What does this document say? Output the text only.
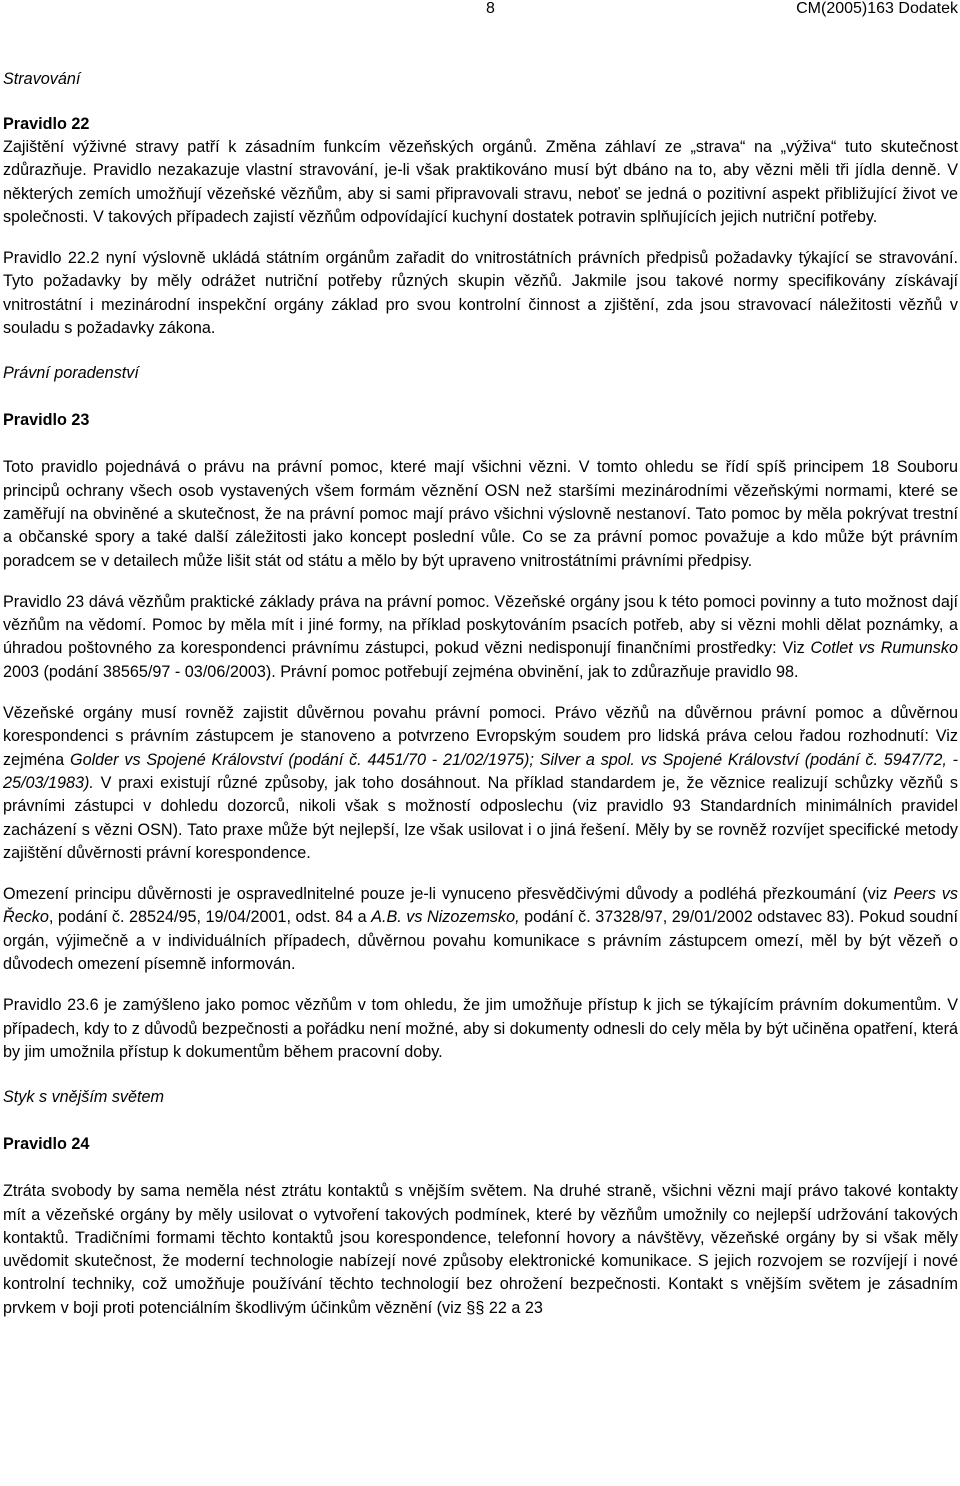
8	CM(2005)163 Dodatek
Stravování
Pravidlo 22

Zajištění výživné stravy patří k zásadním funkcím vězeňských orgánů. Změna záhlaví ze „strava“ na „výživa“ tuto skutečnost zdůrazňuje. Pravidlo nezakazuje vlastní stravování, je-li však praktikováno musí být dbáno na to, aby vězni měli tři jídla denně. V některých zemích umožňují vězeňské vězňům, aby si sami připravovali stravu, neboť se jedná o pozitivní aspekt přibližující život ve společnosti. V takových případech zajistí vězňům odpovídající kuchyní dostatek potravin splňujících jejich nutriční potřeby.

Pravidlo 22.2 nyní výslovně ukládá státním orgánům zařadit do vnitrostátních právních předpisů požadavky týkající se stravování. Tyto požadavky by měly odrážet nutriční potřeby různých skupin vězňů. Jakmile jsou takové normy specifikovány získávají vnitrostátní i mezinárodní inspekční orgány základ pro svou kontrolní činnost a zjištění, zda jsou stravovací náležitosti vězňů v souladu s požadavky zákona.

Právní poradenství
Pravidlo 23

Toto pravidlo pojednává o právu na právní pomoc, které mají všichni vězni. V tomto ohledu se řídí spíš principem 18 Souboru principů ochrany všech osob vystavených všem formám věznění OSN než staršími mezinárodními vězeňskými normami, které se zaměřují na obviněné a skutečnost, že na právní pomoc mají právo všichni výslovně nestanoví. Tato pomoc by měla pokrývat trestní a občanské spory a také další záležitosti jako koncept poslední vůle. Co se za právní pomoc považuje a kdo může být právním poradcem se v detailech může lišit stát od státu a mělo by být upraveno vnitrostátními právními předpisy.

Pravidlo 23 dává vězňům praktické základy práva na právní pomoc. Vězeňské orgány jsou k této pomoci povinny a tuto možnost dají vězňům na vědomí. Pomoc by měla mít i jiné formy, na příklad poskytováním psacích potřeb, aby si vězni mohli dělat poznámky, a úhradou poštovného za korespondenci právnímu zástupci, pokud vězni nedisponují finančními prostředky: Viz Cotlet vs Rumunsko 2003 (podání 38565/97 - 03/06/2003). Právní pomoc potřebují zejména obvinění, jak to zdůrazňuje pravidlo 98.

Vězeňské orgány musí rovněž zajistit důvěrnou povahu právní pomoci. Právo vězňů na důvěrnou právní pomoc a důvěrnou korespondenci s právním zástupcem je stanoveno a potvrzeno Evropským soudem pro lidská práva celou řadou rozhodnutí: Viz zejména Golder vs Spojené Království (podání č. 4451/70 - 21/02/1975); Silver a spol. vs Spojené Království (podání č. 5947/72, - 25/03/1983). V praxi existují různé způsoby, jak toho dosáhnout. Na příklad standardem je, že věznice realizují schůzky vězňů s právními zástupci v dohledu dozorců, nikoli však s možností odposlechu (viz pravidlo 93 Standardních minimálních pravidel zacházení s vězni OSN). Tato praxe může být nejlepší, lze však usilovat i o jiná řešení. Měly by se rovněž rozvíjet specifické metody zajištění důvěrnosti právní korespondence.

Omezení principu důvěrnosti je ospravedlnitelné pouze je-li vynuceno přesvědčivými důvody a podléhá přezkoumání (viz Peers vs Řecko, podání č. 28524/95, 19/04/2001, odst. 84 a A.B. vs Nizozemsko, podání č. 37328/97, 29/01/2002 odstavec 83). Pokud soudní orgán, výjimečně a v individuálních případech, důvěrnou povahu komunikace s právním zástupcem omezí, měl by být vězeň o důvodech omezení písemně informován.

Pravidlo 23.6 je zamýšleno jako pomoc vězňům v tom ohledu, že jim umožňuje přístup k jich se týkajícím právním dokumentům. V případech, kdy to z důvodů bezpečnosti a pořádku není možné, aby si dokumenty odnesli do cely měla by být učiněna opatření, která by jim umožnila přístup k dokumentům během pracovní doby.

Styk s vnějším světem
Pravidlo 24

Ztráta svobody by sama neměla nést ztrátu kontaktů s vnějším světem. Na druhé straně, všichni vězni mají právo takové kontakty mít a vězeňské orgány by měly usilovat o vytvoření takových podmínek, které by vězňům umožnily co nejlepší udržování takových kontaktů. Tradičními formami těchto kontaktů jsou korespondence, telefonní hovory a návštěvy, vězeňské orgány by si však měly uvědomit skutečnost, že moderní technologie nabízejí nové způsoby elektronické komunikace. S jejich rozvojem se rozvíjejí i nové kontrolní techniky, což umožňuje používání těchto technologií bez ohrožení bezpečnosti. Kontakt s vnějším světem je zásadním prvkem v boji proti potenciálním škodlivým účinkům věznění (viz §§ 22 a 23
